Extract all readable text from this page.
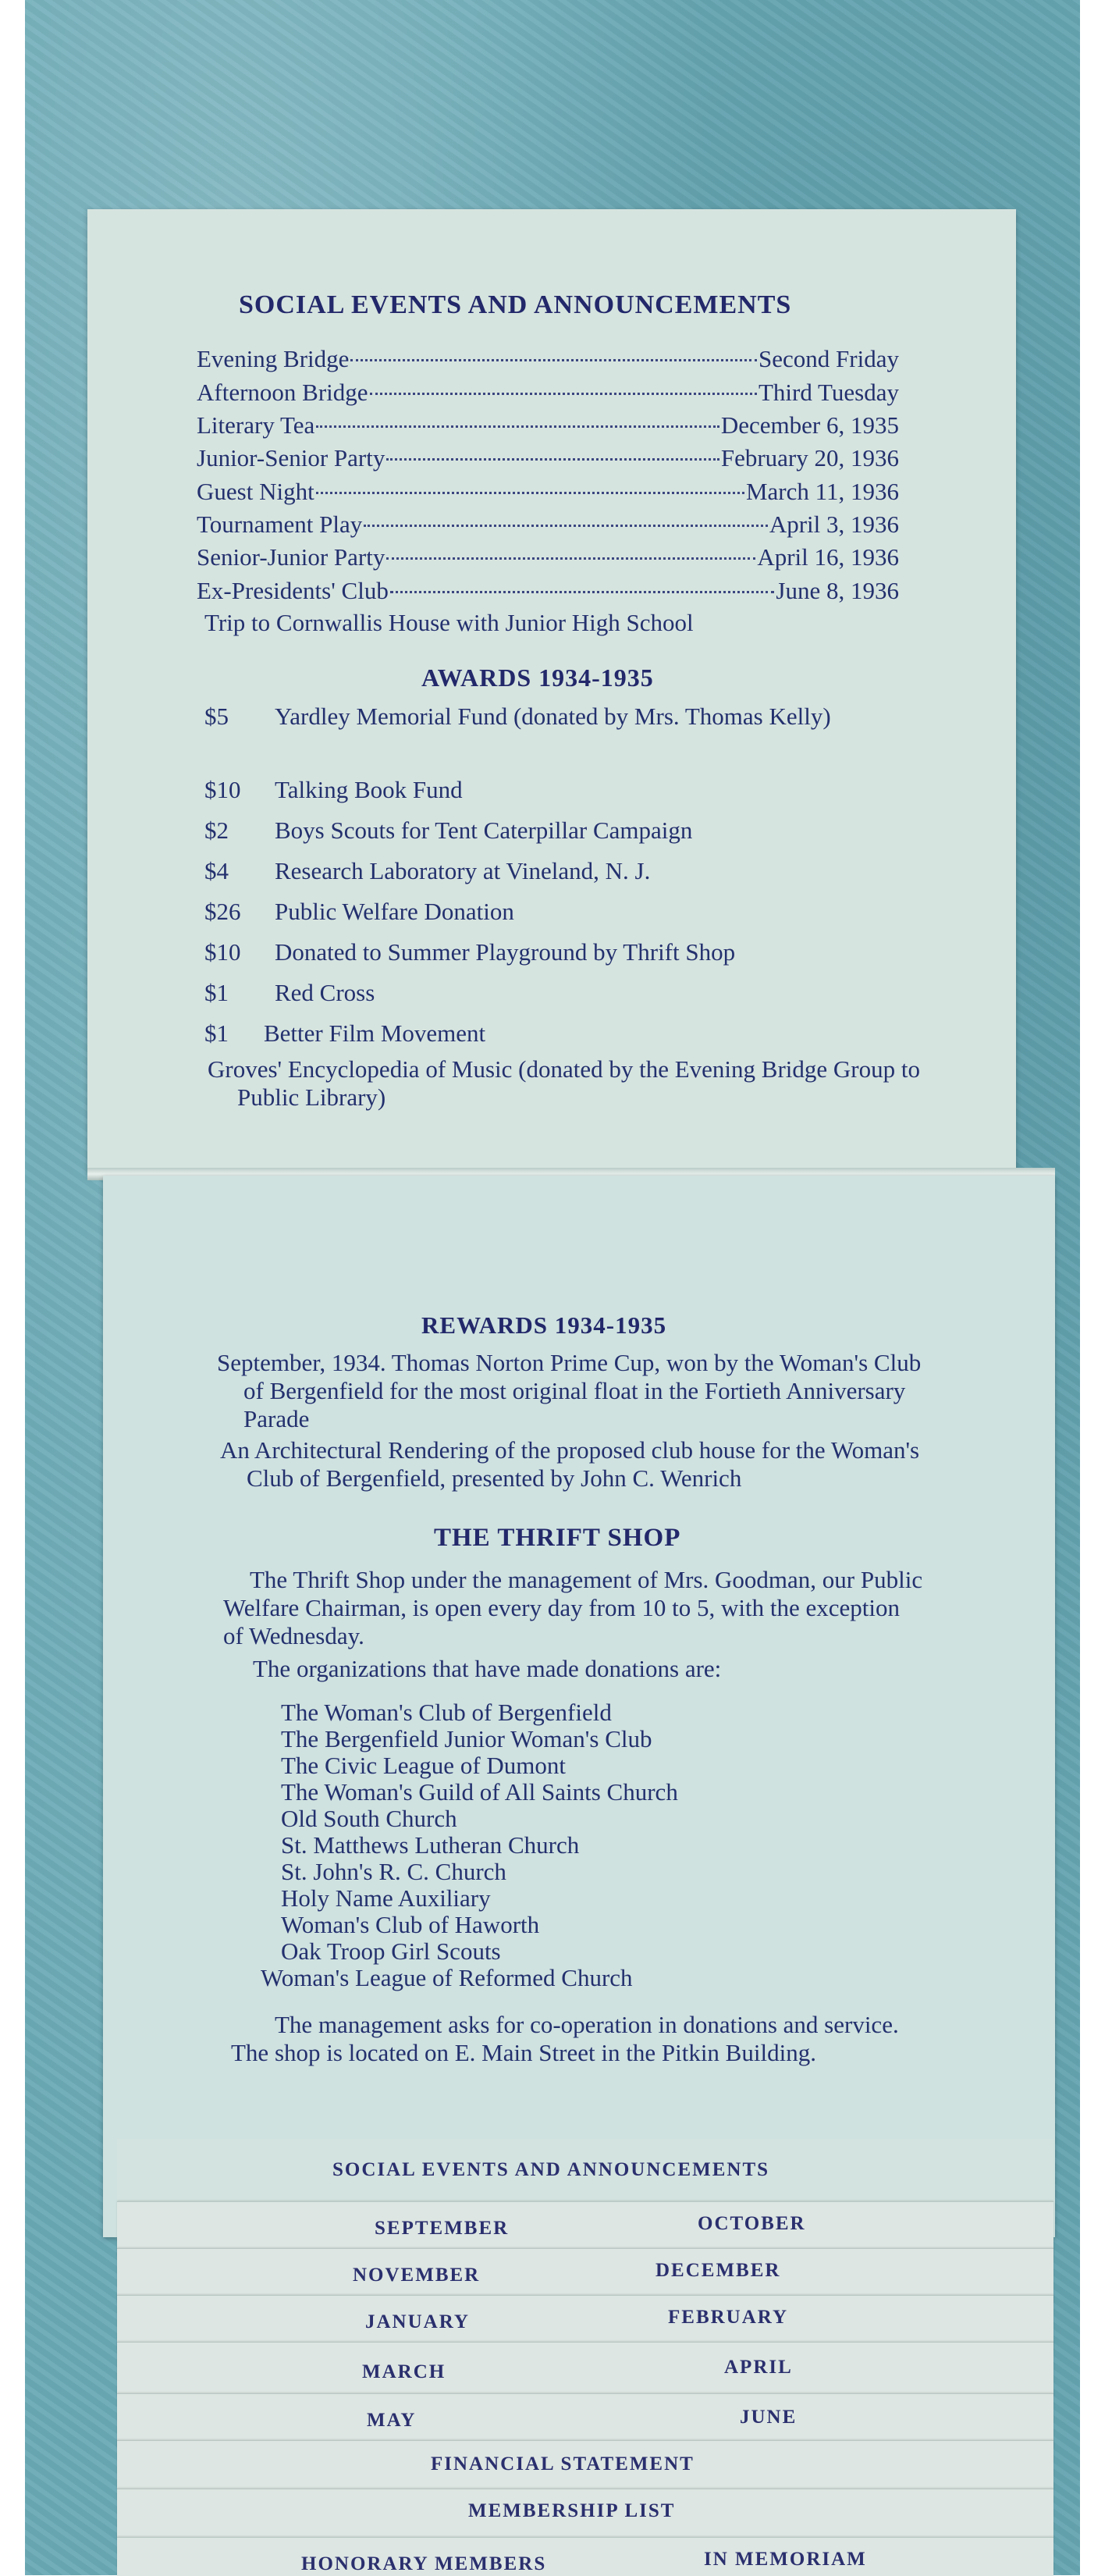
SOCIAL EVENTS AND ANNOUNCEMENTS
Evening Bridge	Second Friday
Afternoon Bridge	Third Tuesday
Literary Tea	December 6, 1935
Junior-Senior Party	February 20, 1936
Guest Night	March 11, 1936
Tournament Play	April 3, 1936
Senior-Junior Party	April 16, 1936
Ex-Presidents' Club	June 8, 1936
Trip to Cornwallis House with Junior High School
AWARDS 1934-1935
$5 Yardley Memorial Fund (donated by Mrs. Thomas Kelly)
$10 Talking Book Fund
$2 Boys Scouts for Tent Caterpillar Campaign
$4 Research Laboratory at Vineland, N. J.
$26 Public Welfare Donation
$10 Donated to Summer Playground by Thrift Shop
$1 Red Cross
$1 Better Film Movement
Groves' Encyclopedia of Music (donated by the Evening Bridge Group to Public Library)
REWARDS 1934-1935
September, 1934. Thomas Norton Prime Cup, won by the Woman's Club of Bergenfield for the most original float in the Fortieth Anniversary Parade
An Architectural Rendering of the proposed club house for the Woman's Club of Bergenfield, presented by John C. Wenrich
THE THRIFT SHOP
The Thrift Shop under the management of Mrs. Goodman, our Public Welfare Chairman, is open every day from 10 to 5, with the exception of Wednesday.
The organizations that have made donations are:
The Woman's Club of Bergenfield
The Bergenfield Junior Woman's Club
The Civic League of Dumont
The Woman's Guild of All Saints Church
Old South Church
St. Matthews Lutheran Church
St. John's R. C. Church
Holy Name Auxiliary
Woman's Club of Haworth
Oak Troop Girl Scouts
Woman's League of Reformed Church
The management asks for co-operation in donations and service. The shop is located on E. Main Street in the Pitkin Building.
SOCIAL EVENTS AND ANNOUNCEMENTS
SEPTEMBER	OCTOBER
NOVEMBER	DECEMBER
JANUARY	FEBRUARY
MARCH	APRIL
MAY	JUNE
FINANCIAL STATEMENT
MEMBERSHIP LIST
HONORARY MEMBERS	IN MEMORIAM
